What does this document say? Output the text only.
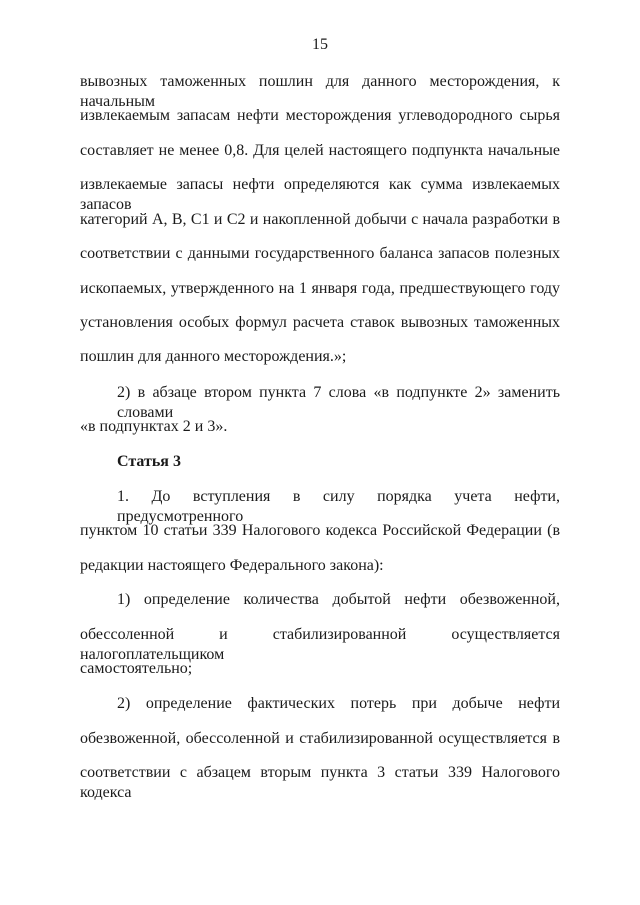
15
вывозных таможенных пошлин для данного месторождения, к начальным
извлекаемым запасам нефти месторождения углеводородного сырья
составляет не менее 0,8. Для целей настоящего подпункта начальные
извлекаемые запасы нефти определяются как сумма извлекаемых запасов
категорий А, В, С1 и С2 и накопленной добычи с начала разработки в
соответствии с данными государственного баланса запасов полезных
ископаемых, утвержденного на 1 января года, предшествующего году
установления особых формул расчета ставок вывозных таможенных
пошлин для данного месторождения.»;
2) в абзаце втором пункта 7 слова «в подпункте 2» заменить словами
«в подпунктах 2 и 3».
Статья 3
1. До вступления в силу порядка учета нефти, предусмотренного
пунктом 10 статьи 339 Налогового кодекса Российской Федерации (в
редакции настоящего Федерального закона):
1) определение количества добытой нефти обезвоженной,
обессоленной и стабилизированной осуществляется налогоплательщиком
самостоятельно;
2) определение фактических потерь при добыче нефти
обезвоженной, обессоленной и стабилизированной осуществляется в
соответствии с абзацем вторым пункта 3 статьи 339 Налогового кодекса
